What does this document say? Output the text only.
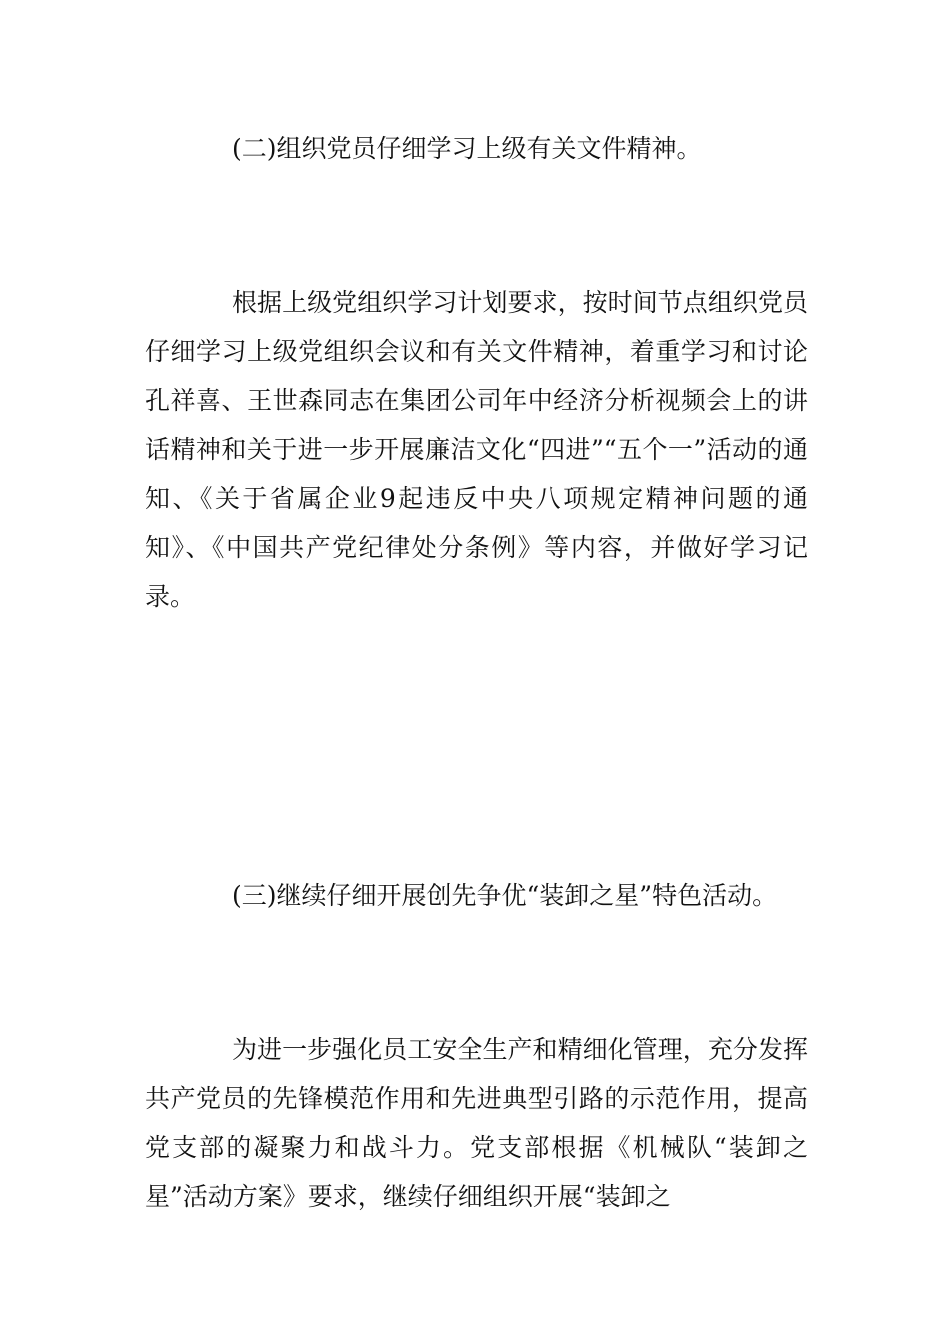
(二)组织党员仔细学习上级有关文件精神。

根据上级党组织学习计划要求，按时间节点组织党员仔细学习上级党组织会议和有关文件精神，着重学习和讨论孔祥喜、王世森同志在集团公司年中经济分析视频会上的讲话精神和关于进一步开展廉洁文化“四进”“五个一”活动的通知、《关于省属企业9起违反中央八项规定精神问题的通知》、《中国共产党纪律处分条例》等内容，并做好学习记录。

(三)继续仔细开展创先争优“装卸之星”特色活动。

为进一步强化员工安全生产和精细化管理，充分发挥共产党员的先锋模范作用和先进典型引路的示范作用，提高党支部的凝聚力和战斗力。党支部根据《机械队“装卸之星”活动方案》要求，继续仔细组织开展“装卸之
